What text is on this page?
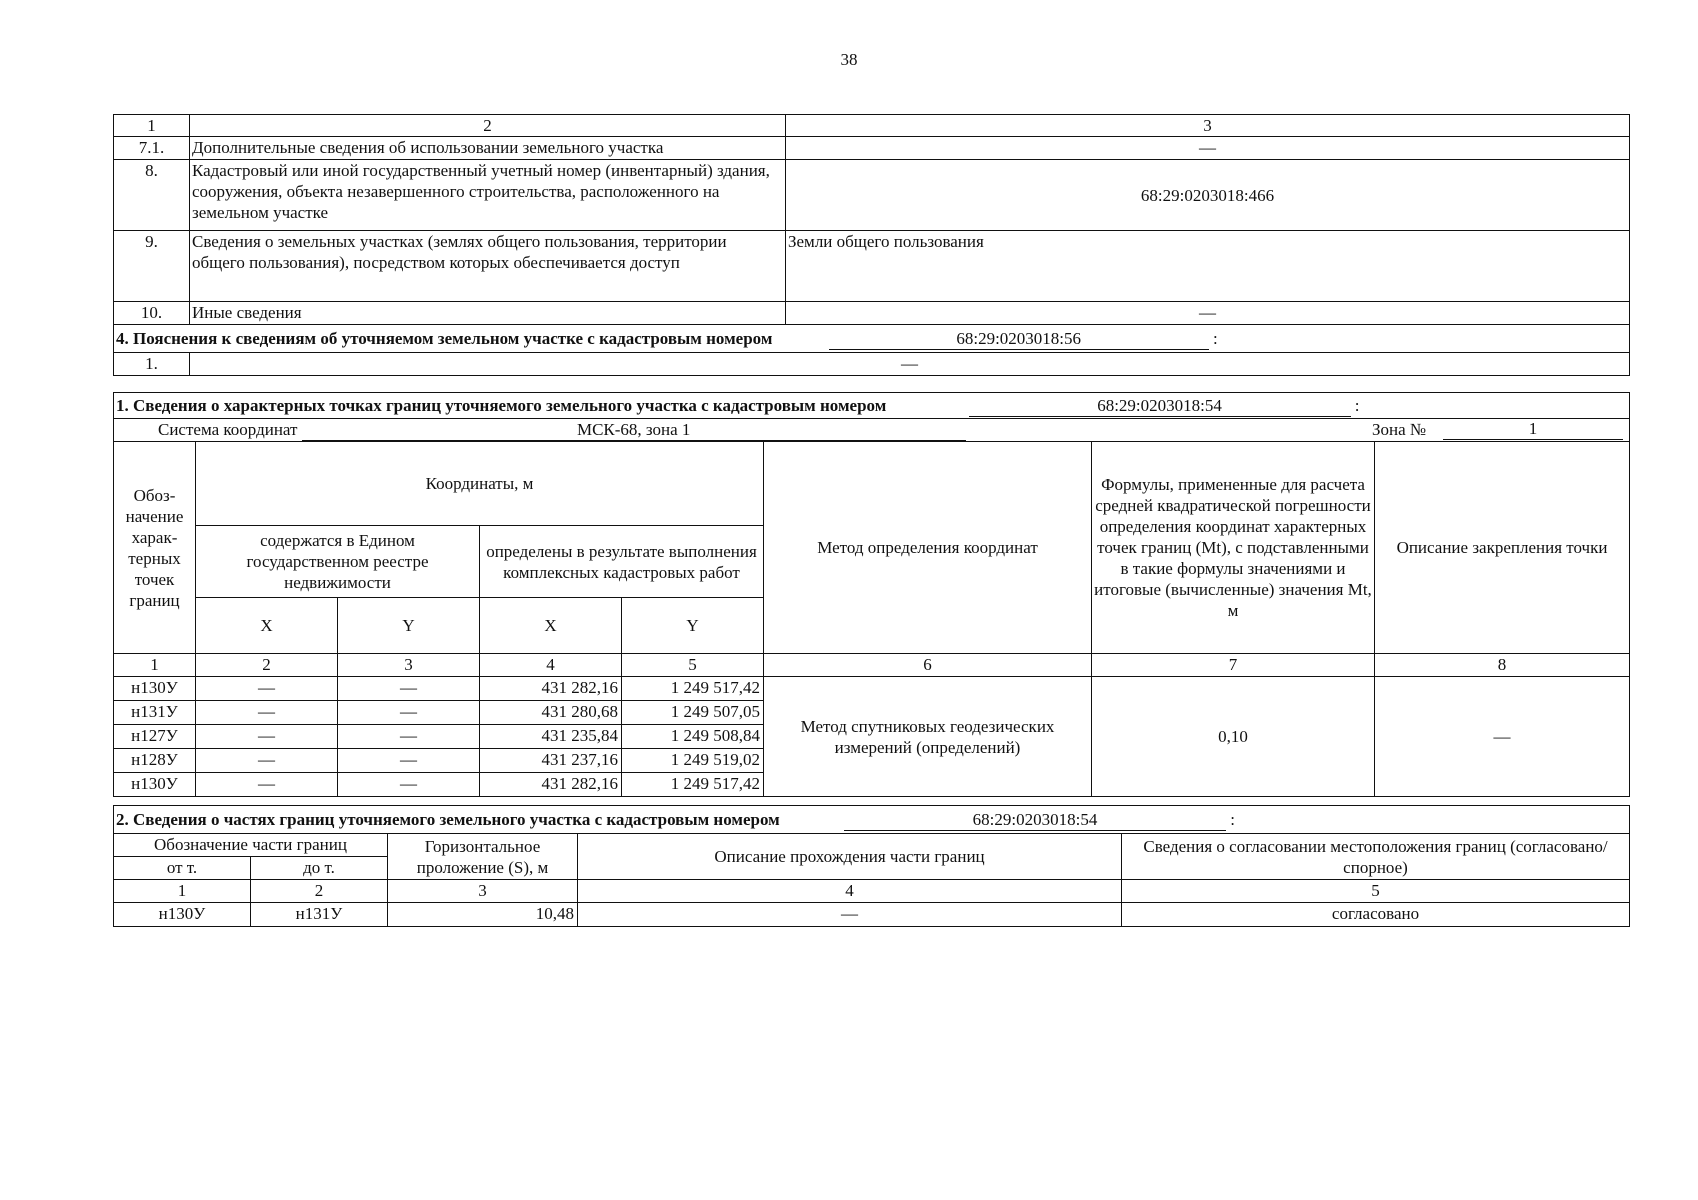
38
1	2	3
7.1.	Дополнительные сведения об использовании земельного участка	—
8.	Кадастровый или иной государственный учетный номер (инвентарный) здания, сооружения, объекта незавершенного строительства, расположенного на земельном участке	68:29:0203018:466
9.	Сведения о земельных участках (землях общего пользования, территории общего пользования), посредством которых обеспечивается доступ	Земли общего пользования
10.	Иные сведения	—
4. Пояснения к сведениям об уточняемом земельном участке с кадастровым номером 68:29:0203018:56 :		
1.	—	
1. Сведения о характерных точках границ уточняемого земельного участка с кадастровым номером 68:29:0203018:54 :							
Система координат МСК-68, зона 1 Зона № 1							

Обоз-начение харак-терных точек границ	Координаты, м				Метод определения координат	Формулы, примененные для расчета средней квадратической погрешности определения координат характерных точек границ (Mt), с подставленными в такие формулы значениями и итоговые (вычисленные) значения Mt, м	Описание закрепления точки
	содержатся в Едином государственном реестре недвижимости		определены в результате выполнения комплексных кадастровых работ				
	X	Y	X	Y			
1	2	3	4	5	6	7	8
н130У	—	—	431 282,16	1 249 517,42	Метод спутниковых геодезических измерений (определений)	0,10	—
н131У	—	—	431 280,68	1 249 507,05			
н127У	—	—	431 235,84	1 249 508,84			
н128У	—	—	431 237,16	1 249 519,02			
н130У	—	—	431 282,16	1 249 517,42			
2. Сведения о частях границ уточняемого земельного участка с кадастровым номером 68:29:0203018:54 :				
Обозначение части границ		Горизонтальное проложение (S), м	Описание прохождения части границ	Сведения о согласовании местоположения границ (согласовано/спорное)
от т.	до т.			
1	2	3	4	5
н130У	н131У	10,48	—	согласовано
